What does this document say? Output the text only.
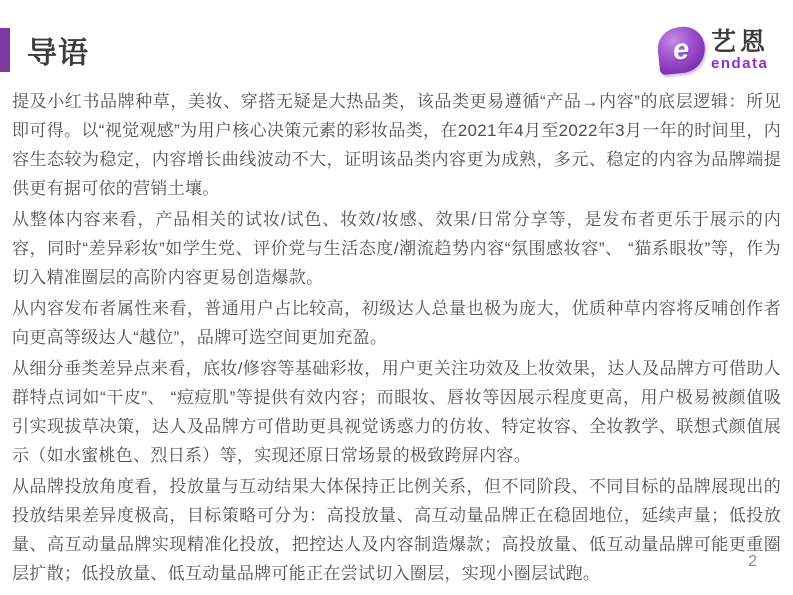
导语	e 艺恩
endata

提及小红书品牌种草，美妆、穿搭无疑是大热品类，该品类更易遵循“产品→内容”的底层逻辑：所见即可得。以“视觉观感”为用户核心决策元素的彩妆品类，在2021年4月至2022年3月一年的时间里，内容生态较为稳定，内容增长曲线波动不大，证明该品类内容更为成熟，多元、稳定的内容为品牌端提供更有据可依的营销土壤。

从整体内容来看，产品相关的试妆/试色、妆效/妆感、效果/日常分享等，是发布者更乐于展示的内容，同时“差异彩妆”如学生党、评价党与生活态度/潮流趋势内容“氛围感妆容”、 “猫系眼妆”等，作为切入精准圈层的高阶内容更易创造爆款。

从内容发布者属性来看，普通用户占比较高，初级达人总量也极为庞大，优质种草内容将反哺创作者向更高等级达人“越位”，品牌可选空间更加充盈。

从细分垂类差异点来看，底妆/修容等基础彩妆，用户更关注功效及上妆效果，达人及品牌方可借助人群特点词如“干皮”、 “痘痘肌”等提供有效内容；而眼妆、唇妆等因展示程度更高，用户极易被颜值吸引实现拔草决策，达人及品牌方可借助更具视觉诱惑力的仿妆、特定妆容、全妆教学、联想式颜值展示（如水蜜桃色、烈日系）等，实现还原日常场景的极致跨屏内容。

从品牌投放角度看，投放量与互动结果大体保持正比例关系，但不同阶段、不同目标的品牌展现出的投放结果差异度极高，目标策略可分为：高投放量、高互动量品牌正在稳固地位，延续声量；低投放量、高互动量品牌实现精准化投放，把控达人及内容制造爆款；高投放量、低互动量品牌可能更重圈层扩散；低投放量、低互动量品牌可能正在尝试切入圈层，实现小圈层试跑。

2
